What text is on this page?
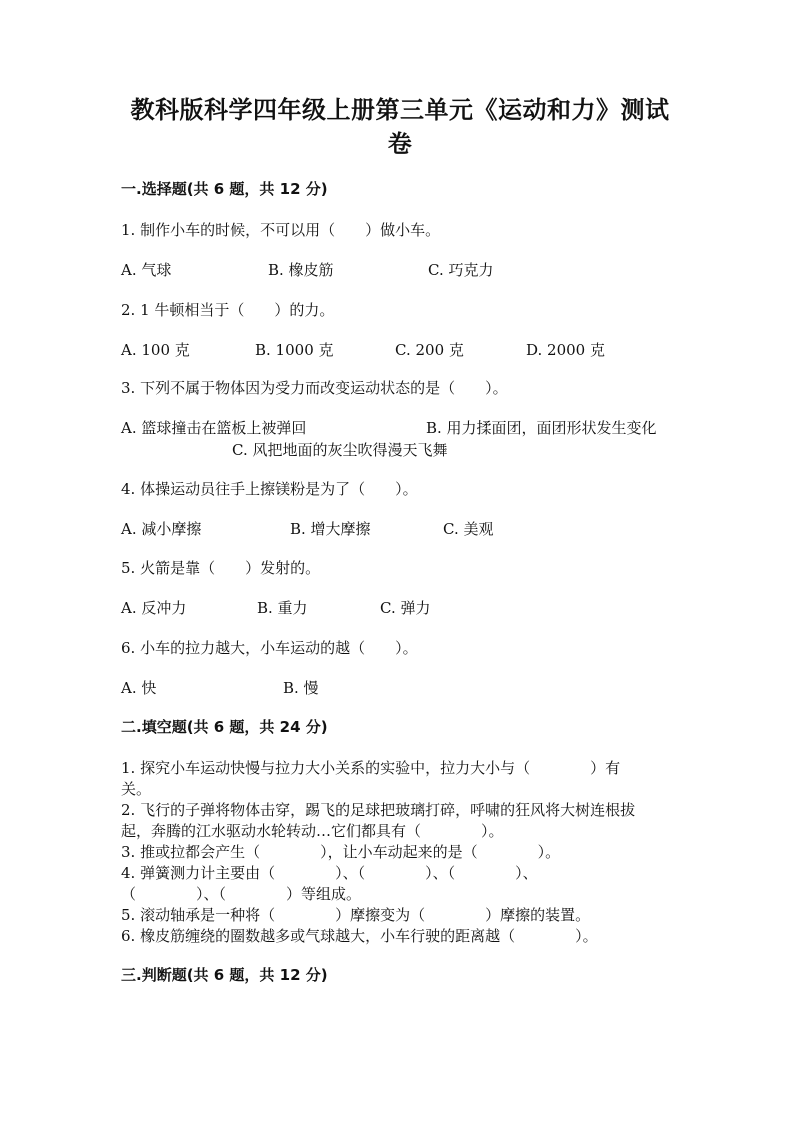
教科版科学四年级上册第三单元《运动和力》测试
卷
一.选择题(共 6 题，共 12 分)
1. 制作小车的时候，不可以用（　　）做小车。
A. 气球	B. 橡皮筋	C. 巧克力
2. 1 牛顿相当于（　　）的力。
A. 100 克	B. 1000 克	C. 200 克	D. 2000 克
3. 下列不属于物体因为受力而改变运动状态的是（　　）。
A. 篮球撞击在篮板上被弹回	B. 用力揉面团，面团形状发生变化
C. 风把地面的灰尘吹得漫天飞舞
4. 体操运动员往手上擦镁粉是为了（　　）。
A. 减小摩擦	B. 增大摩擦	C. 美观
5. 火箭是靠（　　）发射的。
A. 反冲力	B. 重力	C. 弹力
6. 小车的拉力越大，小车运动的越（　　）。
A. 快	B. 慢
二.填空题(共 6 题，共 24 分)
1. 探究小车运动快慢与拉力大小关系的实验中，拉力大小与（　　　　）有
关。
2. 飞行的子弹将物体击穿，踢飞的足球把玻璃打碎，呼啸的狂风将大树连根拔
起，奔腾的江水驱动水轮转动…它们都具有（　　　　）。
3. 推或拉都会产生（　　　　），让小车动起来的是（　　　　）。
4. 弹簧测力计主要由（　　　　）、（　　　　）、（　　　　）、
（　　　　）、（　　　　）等组成。
5. 滚动轴承是一种将（　　　　）摩擦变为（　　　　）摩擦的装置。
6. 橡皮筋缠绕的圈数越多或气球越大，小车行驶的距离越（　　　　）。
三.判断题(共 6 题，共 12 分)
